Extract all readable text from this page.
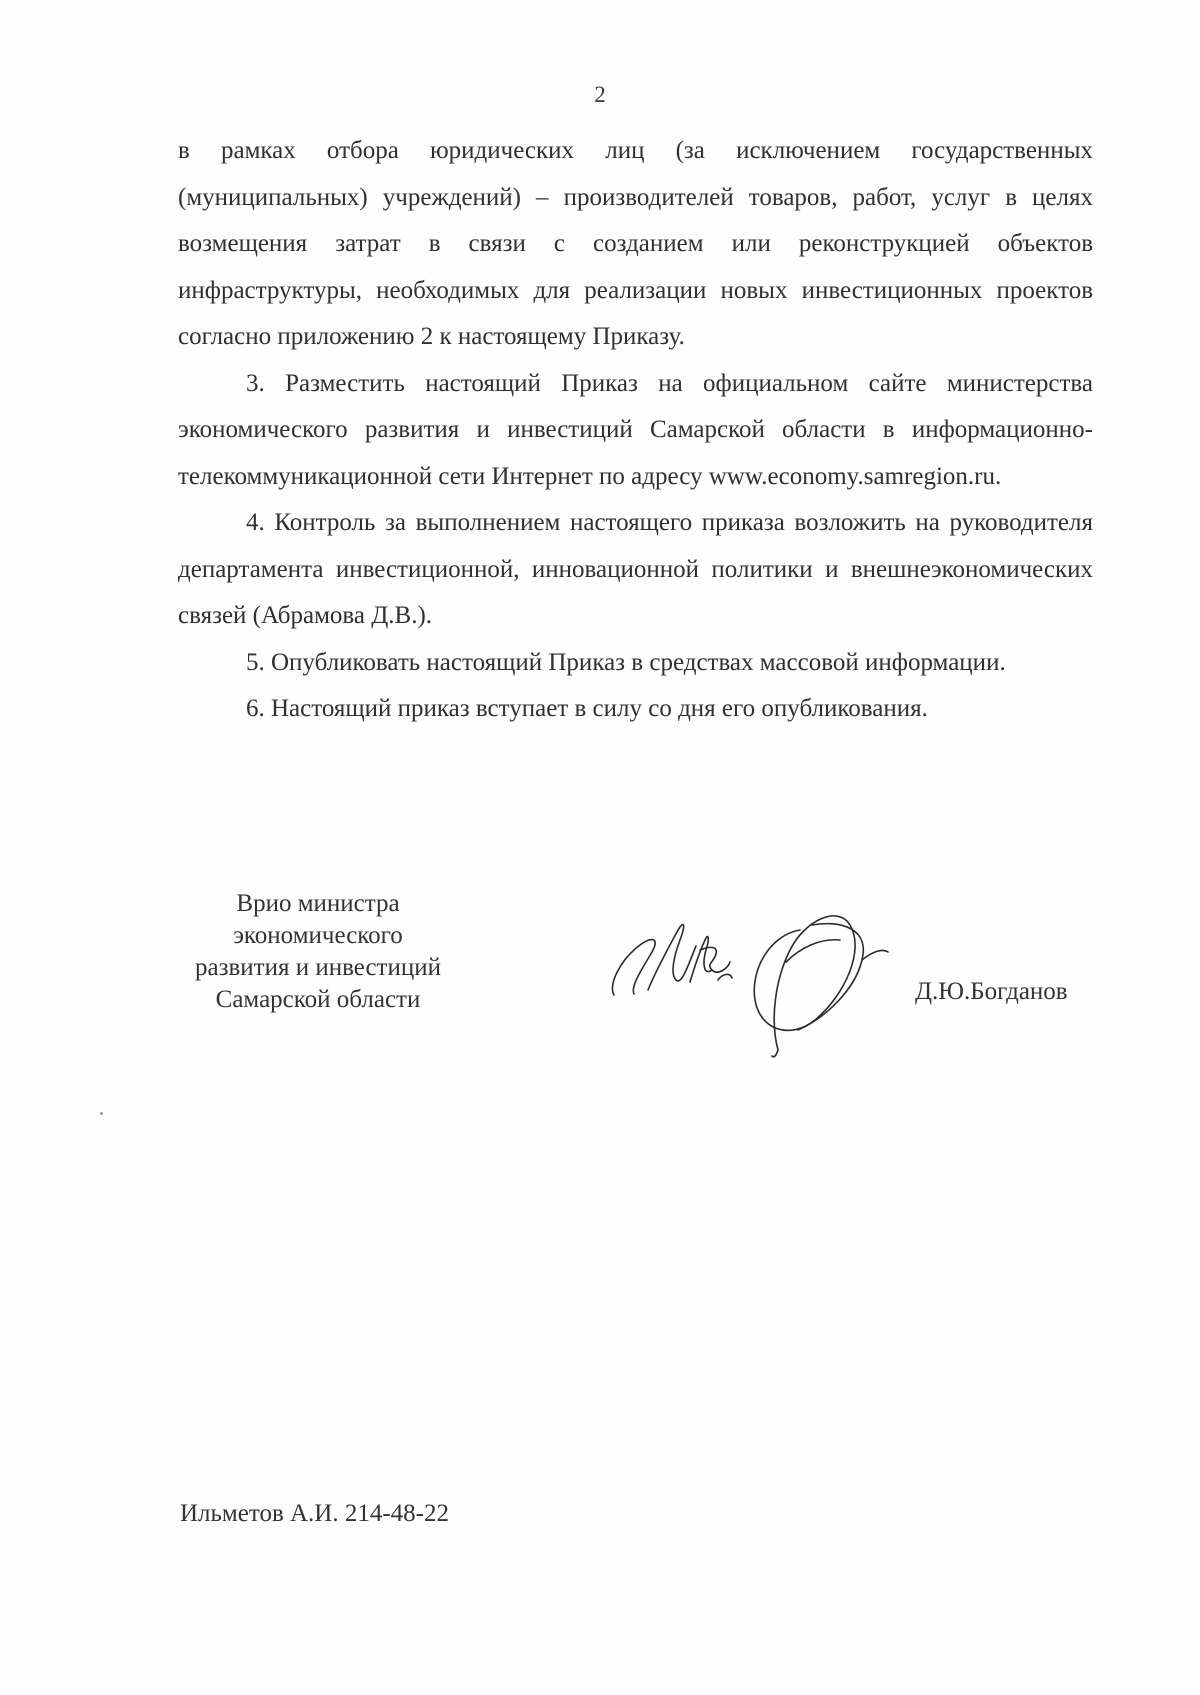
2

в рамках отбора юридических лиц (за исключением государственных (муниципальных) учреждений) – производителей товаров, работ, услуг в целях возмещения затрат в связи с созданием или реконструкцией объектов инфраструктуры, необходимых для реализации новых инвестиционных проектов согласно приложению 2 к настоящему Приказу.

3. Разместить настоящий Приказ на официальном сайте министерства экономического развития и инвестиций Самарской области в информационно-телекоммуникационной сети Интернет по адресу www.economy.samregion.ru.

4. Контроль за выполнением настоящего приказа возложить на руководителя департамента инвестиционной, инновационной политики и внешнеэкономических связей (Абрамова Д.В.).

5. Опубликовать настоящий Приказ в средствах массовой информации.

6. Настоящий приказ вступает в силу со дня его опубликования.

Врио министра
экономического
развития и инвестиций
Самарской области	Д.Ю.Богданов
Ильметов А.И. 214-48-22
